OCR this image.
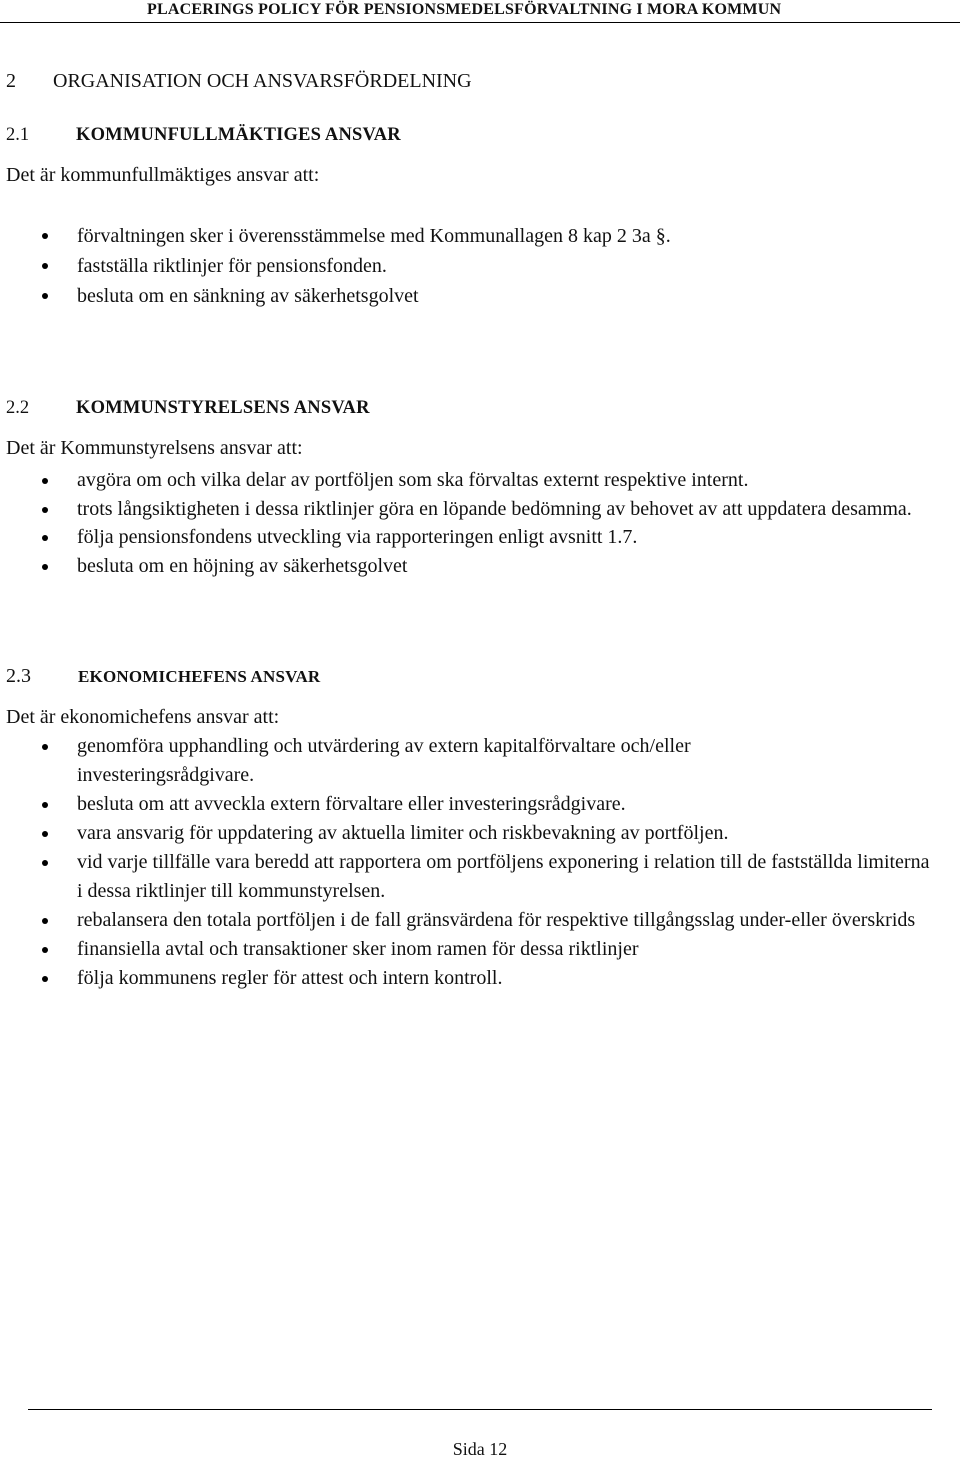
PLACERINGS POLICY FÖR PENSIONSMEDELSFÖRVALTNING I MORA KOMMUN
2 ORGANISATION OCH ANSVARSFÖRDELNING
2.1	KOMMUNFULLMÄKTIGES ANSVAR
Det är kommunfullmäktiges ansvar att:
förvaltningen sker i överensstämmelse med Kommunallagen 8 kap 2 3a §.
fastställa riktlinjer för pensionsfonden.
besluta om en sänkning av säkerhetsgolvet
2.2	KOMMUNSTYRELSENS ANSVAR
Det är Kommunstyrelsens ansvar att:
avgöra om och vilka delar av portföljen som ska förvaltas externt respektive internt.
trots långsiktigheten i dessa riktlinjer göra en löpande bedömning av behovet av att uppdatera desamma.
följa pensionsfondens utveckling via rapporteringen enligt avsnitt 1.7.
besluta om en höjning av säkerhetsgolvet
2.3	EKONOMICHEFENS ANSVAR
Det är ekonomichefens ansvar att:
genomföra upphandling och utvärdering av extern kapitalförvaltare och/eller investeringsrådgivare.
besluta om att avveckla extern förvaltare eller investeringsrådgivare.
vara ansvarig för uppdatering av aktuella limiter och riskbevakning av portföljen.
vid varje tillfälle vara beredd att rapportera om portföljens exponering i relation till de fastställda limiterna i dessa riktlinjer till kommunstyrelsen.
rebalansera den totala portföljen i de fall gränsvärdena för respektive tillgångsslag under-eller överskrids
finansiella avtal och transaktioner sker inom ramen för dessa riktlinjer
följa kommunens regler för attest och intern kontroll.
Sida 12
